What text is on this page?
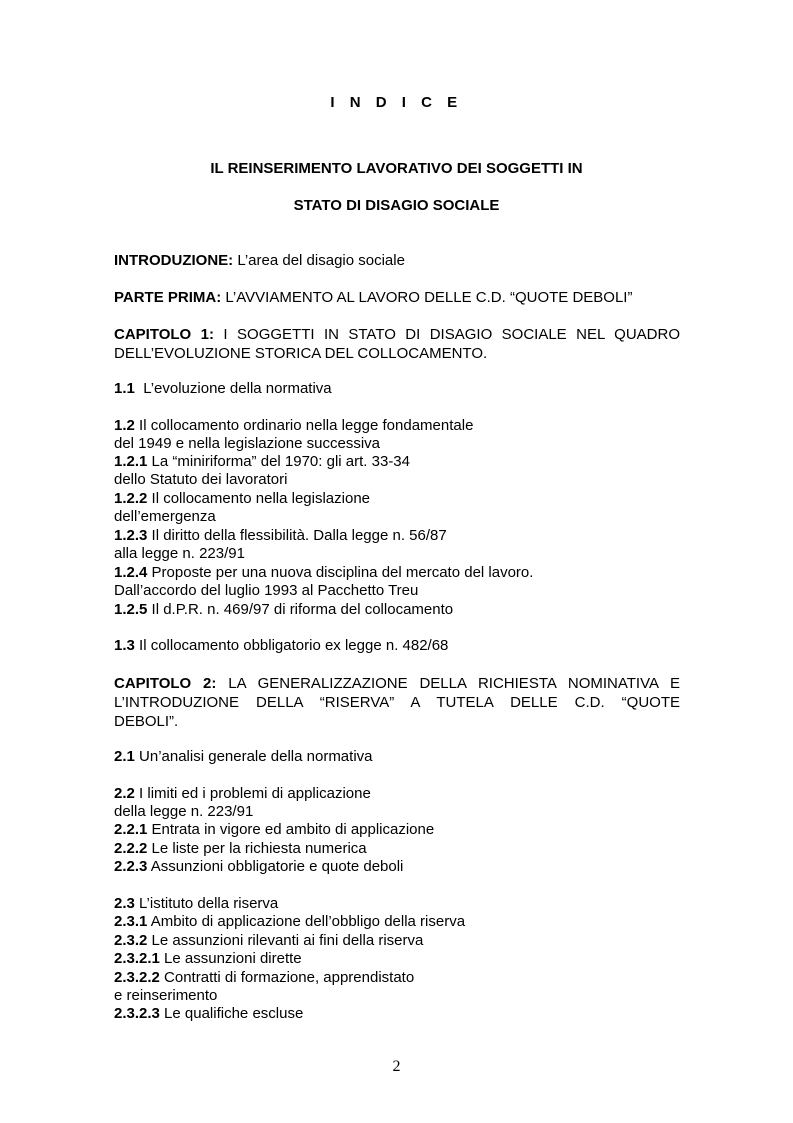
I N D I C E
IL REINSERIMENTO LAVORATIVO DEI SOGGETTI IN
STATO DI DISAGIO SOCIALE
INTRODUZIONE: L’area del disagio sociale
PARTE PRIMA: L’AVVIAMENTO AL LAVORO DELLE C.D. “QUOTE DEBOLI”
CAPITOLO 1: I SOGGETTI IN STATO DI DISAGIO SOCIALE NEL QUADRO
DELL’EVOLUZIONE STORICA DEL COLLOCAMENTO.
1.1  L’evoluzione della normativa
1.2 Il collocamento ordinario nella legge fondamentale
del 1949 e nella legislazione successiva
1.2.1 La “miniriforma” del 1970: gli art. 33-34
dello Statuto dei lavoratori
1.2.2 Il collocamento nella legislazione
dell’emergenza
1.2.3 Il diritto della flessibilità. Dalla legge n. 56/87
alla legge n. 223/91
1.2.4 Proposte per una nuova disciplina del mercato del lavoro.
Dall’accordo del luglio 1993 al Pacchetto Treu
1.2.5 Il d.P.R. n. 469/97 di riforma del collocamento
1.3 Il collocamento obbligatorio ex legge n. 482/68
CAPITOLO 2: LA GENERALIZZAZIONE DELLA RICHIESTA NOMINATIVA E
L’INTRODUZIONE DELLA “RISERVA” A TUTELA DELLE C.D. “QUOTE
DEBOLI”.
2.1 Un’analisi generale della normativa
2.2 I limiti ed i problemi di applicazione
della legge n. 223/91
2.2.1 Entrata in vigore ed ambito di applicazione
2.2.2 Le liste per la richiesta numerica
2.2.3 Assunzioni obbligatorie e quote deboli
2.3 L’istituto della riserva
2.3.1 Ambito di applicazione dell’obbligo della riserva
2.3.2 Le assunzioni rilevanti ai fini della riserva
2.3.2.1 Le assunzioni dirette
2.3.2.2 Contratti di formazione, apprendistato
e reinserimento
2.3.2.3 Le qualifiche escluse
2
